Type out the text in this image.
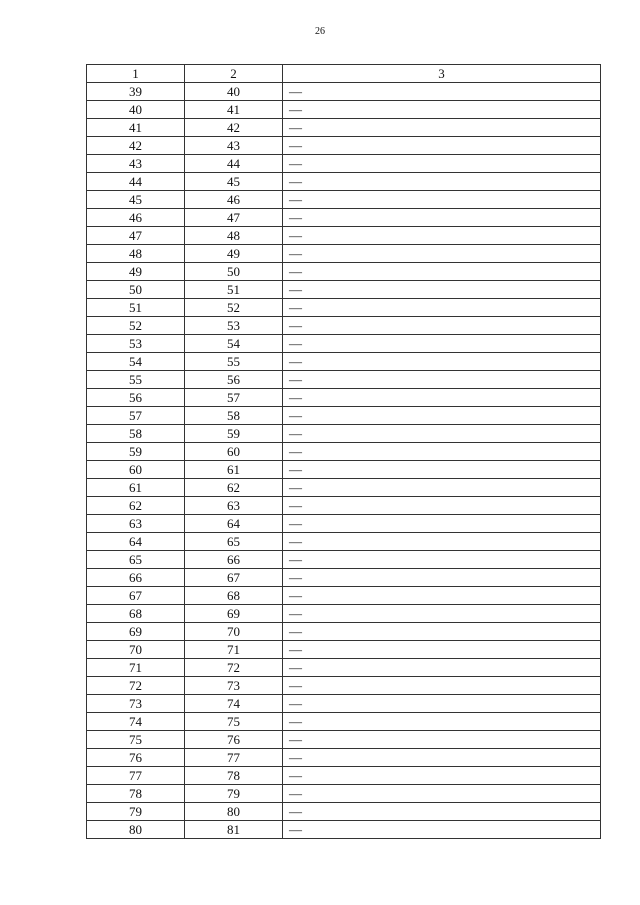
26
1	2	3
39	40	—
40	41	—
41	42	—
42	43	—
43	44	—
44	45	—
45	46	—
46	47	—
47	48	—
48	49	—
49	50	—
50	51	—
51	52	—
52	53	—
53	54	—
54	55	—
55	56	—
56	57	—
57	58	—
58	59	—
59	60	—
60	61	—
61	62	—
62	63	—
63	64	—
64	65	—
65	66	—
66	67	—
67	68	—
68	69	—
69	70	—
70	71	—
71	72	—
72	73	—
73	74	—
74	75	—
75	76	—
76	77	—
77	78	—
78	79	—
79	80	—
80	81	—
